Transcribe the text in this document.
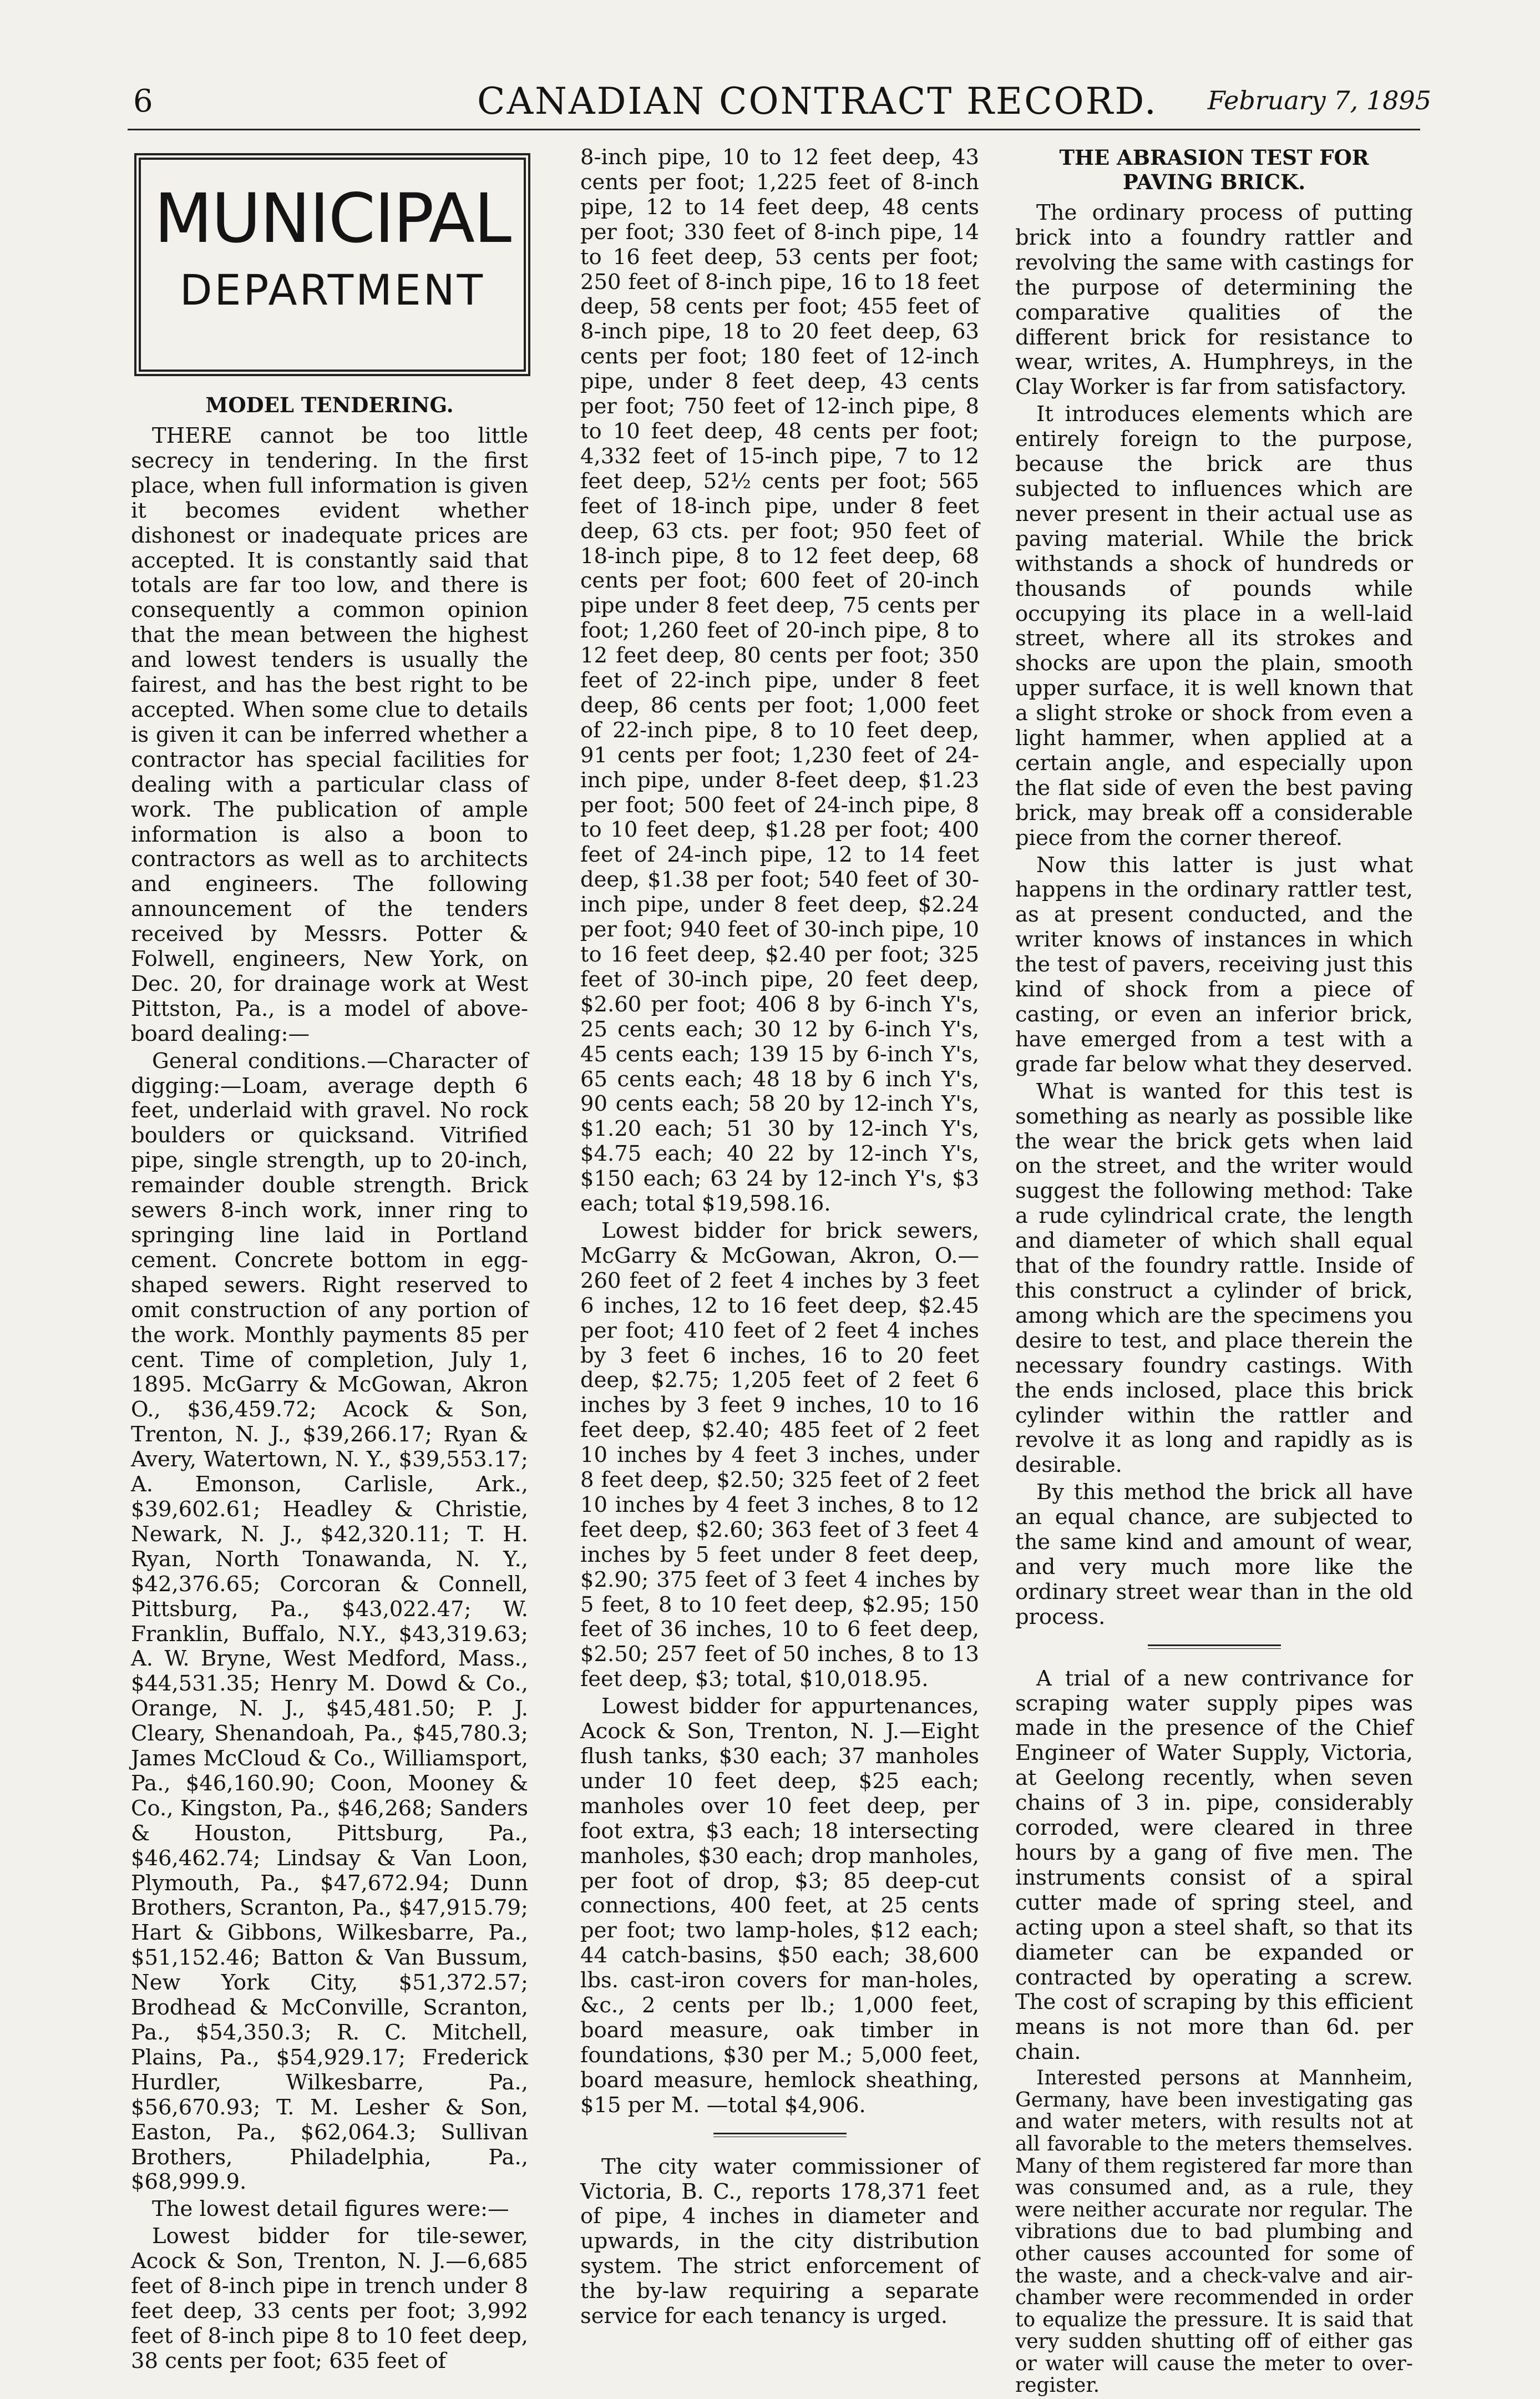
6	CANADIAN CONTRACT RECORD. February 7, 1895
MUNICIPAL
DEPARTMENT
MODEL TENDERING.

THERE cannot be too little secrecy in tendering. In the first place, when full information is given it becomes evident whether dishonest or inadequate prices are accepted. It is constantly said that totals are far too low, and there is consequently a common opinion that the mean between the highest and lowest tenders is usually the fairest, and has the best right to be accepted. When some clue to details is given it can be inferred whether a contractor has special facilities for dealing with a particular class of work. The publication of ample information is also a boon to contractors as well as to architects and engineers. The following announcement of the tenders received by Messrs. Potter & Folwell, engineers, New York, on Dec. 20, for drainage work at West Pittston, Pa., is a model of above-board dealing:—

General conditions.—Character of digging:—Loam, average depth 6 feet, underlaid with gravel. No rock boulders or quicksand. Vitrified pipe, single strength, up to 20-inch, remainder double strength. Brick sewers 8-inch work, inner ring to springing line laid in Portland cement. Concrete bottom in egg-shaped sewers. Right reserved to omit construction of any portion of the work. Monthly payments 85 per cent. Time of completion, July 1, 1895. McGarry & McGowan, Akron O., $36,459.72; Acock & Son, Trenton, N. J., $39,266.17; Ryan & Avery, Watertown, N. Y., $39,553.17; A. Emonson, Carlisle, Ark., $39,602.61; Headley & Christie, Newark, N. J., $42,320.11; T. H. Ryan, North Tonawanda, N. Y., $42,376.65; Corcoran & Connell, Pittsburg, Pa., $43,022.47; W. Franklin, Buffalo, N.Y., $43,319.63; A. W. Bryne, West Medford, Mass., $44,531.35; Henry M. Dowd & Co., Orange, N. J., $45,481.50; P. J. Cleary, Shenandoah, Pa., $45,780.3; James McCloud & Co., Williamsport, Pa., $46,160.90; Coon, Mooney & Co., Kingston, Pa., $46,268; Sanders & Houston, Pittsburg, Pa., $46,462.74; Lindsay & Van Loon, Plymouth, Pa., $47,672.94; Dunn Brothers, Scranton, Pa., $47,915.79; Hart & Gibbons, Wilkesbarre, Pa., $51,152.46; Batton & Van Bussum, New York City, $51,372.57; Brodhead & McConville, Scranton, Pa., $54,350.3; R. C. Mitchell, Plains, Pa., $54,929.17; Frederick Hurdler, Wilkesbarre, Pa., $56,670.93; T. M. Lesher & Son, Easton, Pa., $62,064.3; Sullivan Brothers, Philadelphia, Pa., $68,999.9.

The lowest detail figures were:—

Lowest bidder for tile-sewer, Acock & Son, Trenton, N. J.—6,685 feet of 8-inch pipe in trench under 8 feet deep, 33 cents per foot; 3,992 feet of 8-inch pipe 8 to 10 feet deep, 38 cents per foot; 635 feet of

8-inch pipe, 10 to 12 feet deep, 43 cents per foot; 1,225 feet of 8-inch pipe, 12 to 14 feet deep, 48 cents per foot; 330 feet of 8-inch pipe, 14 to 16 feet deep, 53 cents per foot; 250 feet of 8-inch pipe, 16 to 18 feet deep, 58 cents per foot; 455 feet of 8-inch pipe, 18 to 20 feet deep, 63 cents per foot; 180 feet of 12-inch pipe, under 8 feet deep, 43 cents per foot; 750 feet of 12-inch pipe, 8 to 10 feet deep, 48 cents per foot; 4,332 feet of 15-inch pipe, 7 to 12 feet deep, 52½ cents per foot; 565 feet of 18-inch pipe, under 8 feet deep, 63 cts. per foot; 950 feet of 18-inch pipe, 8 to 12 feet deep, 68 cents per foot; 600 feet of 20-inch pipe under 8 feet deep, 75 cents per foot; 1,260 feet of 20-inch pipe, 8 to 12 feet deep, 80 cents per foot; 350 feet of 22-inch pipe, under 8 feet deep, 86 cents per foot; 1,000 feet of 22-inch pipe, 8 to 10 feet deep, 91 cents per foot; 1,230 feet of 24-inch pipe, under 8-feet deep, $1.23 per foot; 500 feet of 24-inch pipe, 8 to 10 feet deep, $1.28 per foot; 400 feet of 24-inch pipe, 12 to 14 feet deep, $1.38 per foot; 540 feet of 30-inch pipe, under 8 feet deep, $2.24 per foot; 940 feet of 30-inch pipe, 10 to 16 feet deep, $2.40 per foot; 325 feet of 30-inch pipe, 20 feet deep, $2.60 per foot; 406 8 by 6-inch Y's, 25 cents each; 30 12 by 6-inch Y's, 45 cents each; 139 15 by 6-inch Y's, 65 cents each; 48 18 by 6 inch Y's, 90 cents each; 58 20 by 12-inch Y's, $1.20 each; 51 30 by 12-inch Y's, $4.75 each; 40 22 by 12-inch Y's, $150 each; 63 24 by 12-inch Y's, $3 each; total $19,598.16.

Lowest bidder for brick sewers, McGarry & McGowan, Akron, O.—260 feet of 2 feet 4 inches by 3 feet 6 inches, 12 to 16 feet deep, $2.45 per foot; 410 feet of 2 feet 4 inches by 3 feet 6 inches, 16 to 20 feet deep, $2.75; 1,205 feet of 2 feet 6 inches by 3 feet 9 inches, 10 to 16 feet deep, $2.40; 485 feet of 2 feet 10 inches by 4 feet 3 inches, under 8 feet deep, $2.50; 325 feet of 2 feet 10 inches by 4 feet 3 inches, 8 to 12 feet deep, $2.60; 363 feet of 3 feet 4 inches by 5 feet under 8 feet deep, $2.90; 375 feet of 3 feet 4 inches by 5 feet, 8 to 10 feet deep, $2.95; 150 feet of 36 inches, 10 to 6 feet deep, $2.50; 257 feet of 50 inches, 8 to 13 feet deep, $3; total, $10,018.95.

Lowest bidder for appurtenances, Acock & Son, Trenton, N. J.—Eight flush tanks, $30 each; 37 manholes under 10 feet deep, $25 each; manholes over 10 feet deep, per foot extra, $3 each; 18 intersecting manholes, $30 each; drop manholes, per foot of drop, $3; 85 deep-cut connections, 400 feet, at 25 cents per foot; two lamp-holes, $12 each; 44 catch-basins, $50 each; 38,600 lbs. cast-iron covers for man-holes, &c., 2 cents per lb.; 1,000 feet, board measure, oak timber in foundations, $30 per M.; 5,000 feet, board measure, hemlock sheathing, $15 per M. —total $4,906.

The city water commissioner of Victoria, B. C., reports 178,371 feet of pipe, 4 inches in diameter and upwards, in the city distribution system. The strict enforcement of the by-law requiring a separate service for each tenancy is urged.

THE ABRASION TEST FOR PAVING BRICK.

The ordinary process of putting brick into a foundry rattler and revolving the same with castings for the purpose of determining the comparative qualities of the different brick for resistance to wear, writes, A. Humphreys, in the Clay Worker is far from satisfactory.

It introduces elements which are entirely foreign to the purpose, because the brick are thus subjected to influences which are never present in their actual use as paving material. While the brick withstands a shock of hundreds or thousands of pounds while occupying its place in a well-laid street, where all its strokes and shocks are upon the plain, smooth upper surface, it is well known that a slight stroke or shock from even a light hammer, when applied at a certain angle, and especially upon the flat side of even the best paving brick, may break off a considerable piece from the corner thereof.

Now this latter is just what happens in the ordinary rattler test, as at present conducted, and the writer knows of instances in which the test of pavers, receiving just this kind of shock from a piece of casting, or even an inferior brick, have emerged from a test with a grade far below what they deserved.

What is wanted for this test is something as nearly as possible like the wear the brick gets when laid on the street, and the writer would suggest the following method: Take a rude cylindrical crate, the length and diameter of which shall equal that of the foundry rattle. Inside of this construct a cylinder of brick, among which are the specimens you desire to test, and place therein the necessary foundry castings. With the ends inclosed, place this brick cylinder within the rattler and revolve it as long and rapidly as is desirable.

By this method the brick all have an equal chance, are subjected to the same kind and amount of wear, and very much more like the ordinary street wear than in the old process.

A trial of a new contrivance for scraping water supply pipes was made in the presence of the Chief Engineer of Water Supply, Victoria, at Geelong recently, when seven chains of 3 in. pipe, considerably corroded, were cleared in three hours by a gang of five men. The instruments consist of a spiral cutter made of spring steel, and acting upon a steel shaft, so that its diameter can be expanded or contracted by operating a screw. The cost of scraping by this efficient means is not more than 6d. per chain.

Interested persons at Mannheim, Germany, have been investigating gas and water meters, with results not at all favorable to the meters themselves. Many of them registered far more than was consumed and, as a rule, they were neither accurate nor regular. The vibrations due to bad plumbing and other causes accounted for some of the waste, and a check-valve and air-chamber were recommended in order to equalize the pressure. It is said that very sudden shutting off of either gas or water will cause the meter to over-register.
